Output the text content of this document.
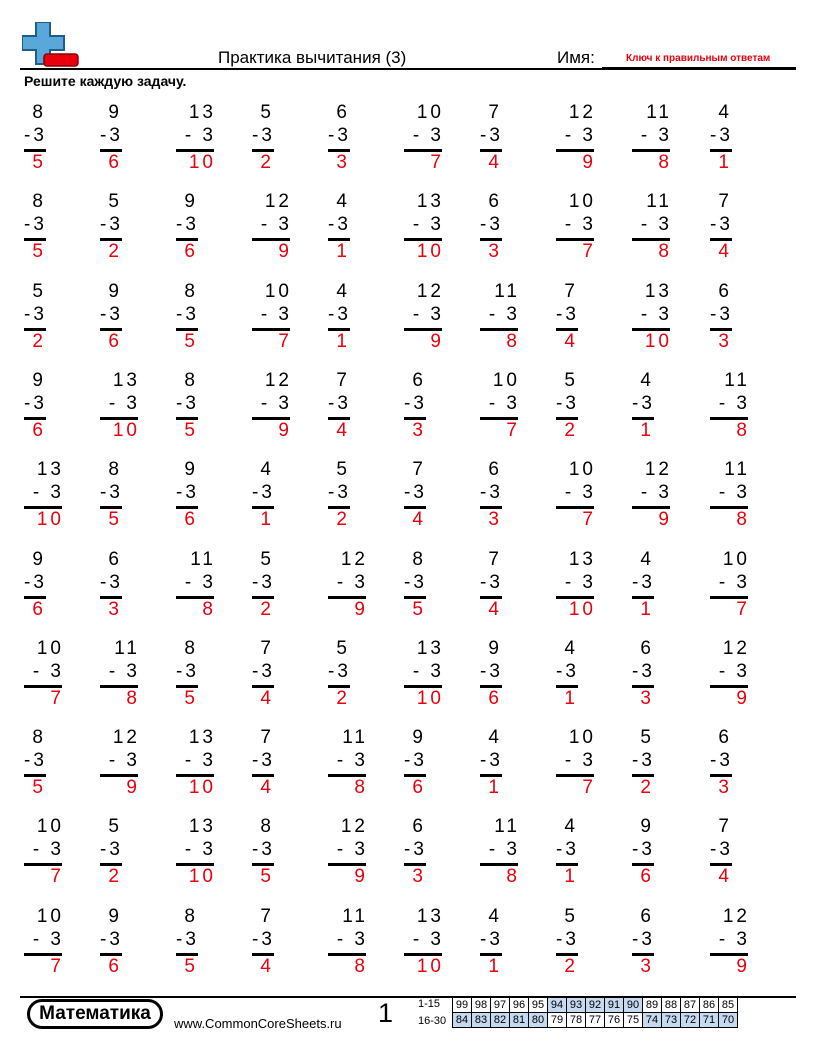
Практика вычитания (3)	Имя:	Ключ к правильным ответам
Решите каждую задачу.
8
-3
5
9
-3
6
13
- 3
10
5
-3
2
6
-3
3
10
- 3
7
7
-3
4
12
- 3
9
11
- 3
8
4
-3
1
8
-3
5
5
-3
2
9
-3
6
12
- 3
9
4
-3
1
13
- 3
10
6
-3
3
10
- 3
7
11
- 3
8
7
-3
4
5
-3
2
9
-3
6
8
-3
5
10
- 3
7
4
-3
1
12
- 3
9
11
- 3
8
7
-3
4
13
- 3
10
6
-3
3
9
-3
6
13
- 3
10
8
-3
5
12
- 3
9
7
-3
4
6
-3
3
10
- 3
7
5
-3
2
4
-3
1
11
- 3
8
13
- 3
10
8
-3
5
9
-3
6
4
-3
1
5
-3
2
7
-3
4
6
-3
3
10
- 3
7
12
- 3
9
11
- 3
8
9
-3
6
6
-3
3
11
- 3
8
5
-3
2
12
- 3
9
8
-3
5
7
-3
4
13
- 3
10
4
-3
1
10
- 3
7
10
- 3
7
11
- 3
8
8
-3
5
7
-3
4
5
-3
2
13
- 3
10
9
-3
6
4
-3
1
6
-3
3
12
- 3
9
8
-3
5
12
- 3
9
13
- 3
10
7
-3
4
11
- 3
8
9
-3
6
4
-3
1
10
- 3
7
5
-3
2
6
-3
3
10
- 3
7
5
-3
2
13
- 3
10
8
-3
5
12
- 3
9
6
-3
3
11
- 3
8
4
-3
1
9
-3
6
7
-3
4
10
- 3
7
9
-3
6
8
-3
5
7
-3
4
11
- 3
8
13
- 3
10
4
-3
1
5
-3
2
6
-3
3
12
- 3
9
Математика	www.CommonCoreSheets.ru 1 1-15
16-30
99	98	97	96	95	94	93	92	91	90	89	88	87	86	85
84	83	82	81	80	79	78	77	76	75	74	73	72	71	70
